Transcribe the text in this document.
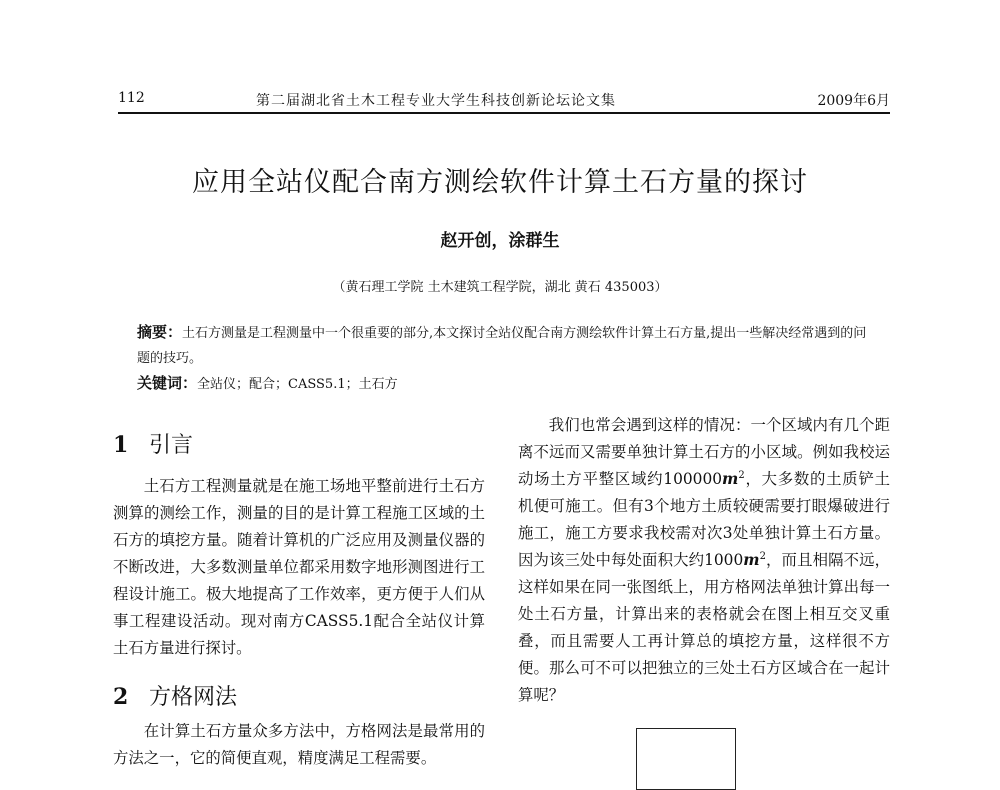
112	第二届湖北省土木工程专业大学生科技创新论坛论文集	2009年6月
应用全站仪配合南方测绘软件计算土石方量的探讨
赵开创，涂群生
（黄石理工学院 土木建筑工程学院，湖北 黄石 435003）
摘要：土石方测量是工程测量中一个很重要的部分,本文探讨全站仪配合南方测绘软件计算土石方量,提出一些解决经常遇到的问题的技巧。
关键词：全站仪；配合；CASS5.1；土石方
1 引言
土石方工程测量就是在施工场地平整前进行土石方测算的测绘工作，测量的目的是计算工程施工区域的土石方的填挖方量。随着计算机的广泛应用及测量仪器的不断改进，大多数测量单位都采用数字地形测图进行工程设计施工。极大地提高了工作效率，更方便于人们从事工程建设活动。现对南方CASS5.1配合全站仪计算土石方量进行探讨。
2 方格网法
在计算土石方量众多方法中，方格网法是最常用的方法之一，它的简便直观，精度满足工程需要。
我们也常会遇到这样的情况：一个区域内有几个距离不远而又需要单独计算土石方的小区域。例如我校运动场土方平整区域约$100000m^2$，大多数的土质铲土机便可施工。但有3个地方土质较硬需要打眼爆破进行施工，施工方要求我校需对次3处单独计算土石方量。因为该三处中每处面积大约$1000m^2$，而且相隔不远，这样如果在同一张图纸上，用方格网法单独计算出每一处土石方量，计算出来的表格就会在图上相互交叉重叠，而且需要人工再计算总的填挖方量，这样很不方便。那么可不可以把独立的三处土石方区域合在一起计算呢？
